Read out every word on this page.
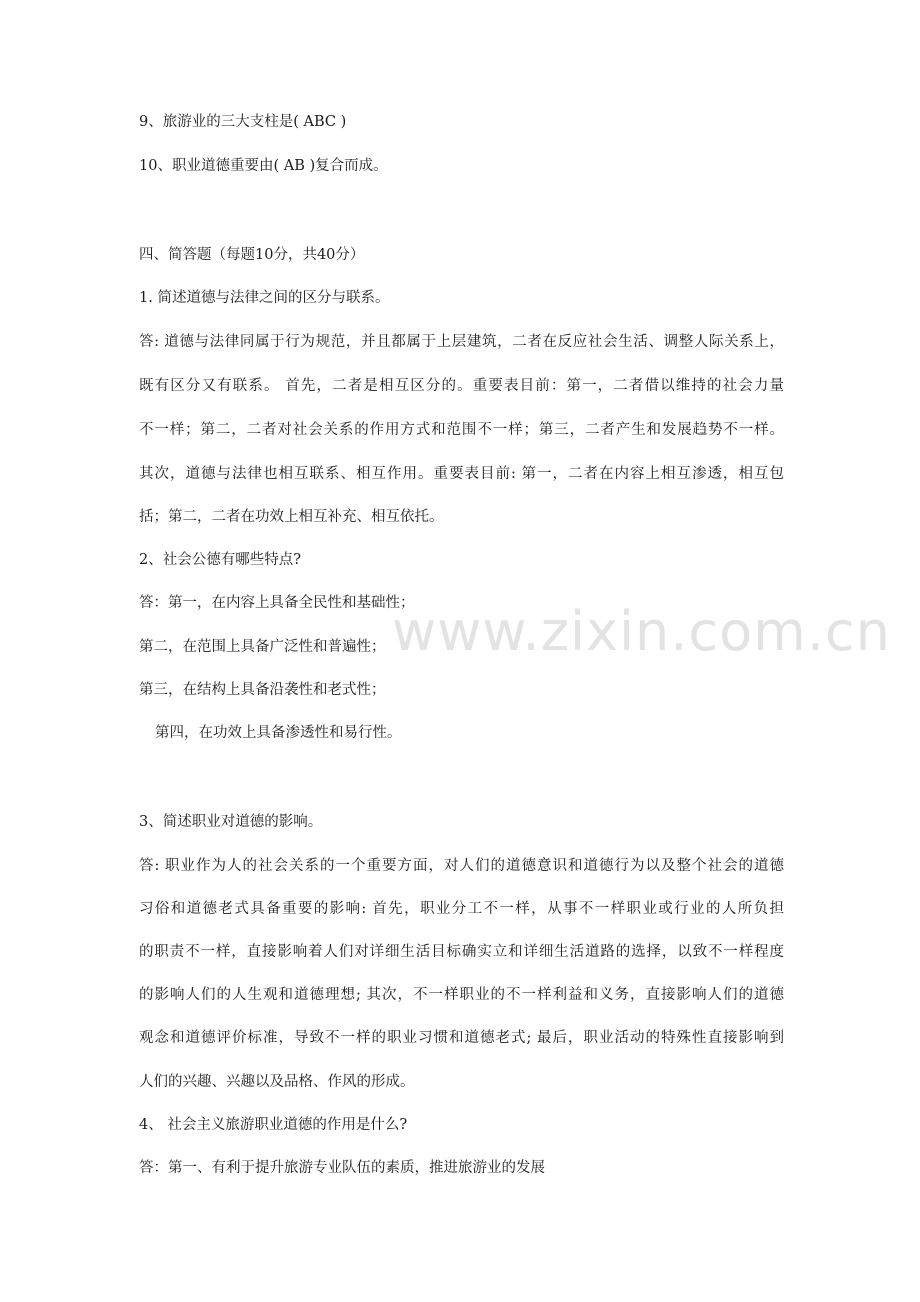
www.zixin.com.cn
9、旅游业的三大支柱是( ABC )
10、职业道德重要由( AB )复合而成。
四、简答题（每题10分，共40分）
1. 简述道德与法律之间的区分与联系。
答: 道德与法律同属于行为规范，并且都属于上层建筑，二者在反应社会生活、调整人际关系上，
既有区分又有联系。 首先，二者是相互区分的。重要表目前：第一，二者借以维持的社会力量
不一样；第二，二者对社会关系的作用方式和范围不一样；第三，二者产生和发展趋势不一样。
其次，道德与法律也相互联系、相互作用。重要表目前: 第一，二者在内容上相互渗透，相互包
括；第二，二者在功效上相互补充、相互依托。
2、社会公德有哪些特点?
答：第一，在内容上具备全民性和基础性；
第二，在范围上具备广泛性和普遍性；
第三，在结构上具备沿袭性和老式性；
第四，在功效上具备渗透性和易行性。
3、简述职业对道德的影响。
答: 职业作为人的社会关系的一个重要方面，对人们的道德意识和道德行为以及整个社会的道德
习俗和道德老式具备重要的影响: 首先，职业分工不一样，从事不一样职业或行业的人所负担
的职责不一样，直接影响着人们对详细生活目标确实立和详细生活道路的选择，以致不一样程度
的影响人们的人生观和道德理想; 其次，不一样职业的不一样利益和义务，直接影响人们的道德
观念和道德评价标准，导致不一样的职业习惯和道德老式; 最后，职业活动的特殊性直接影响到
人们的兴趣、兴趣以及品格、作风的形成。
4、 社会主义旅游职业道德的作用是什么?
答：第一、有利于提升旅游专业队伍的素质，推进旅游业的发展
